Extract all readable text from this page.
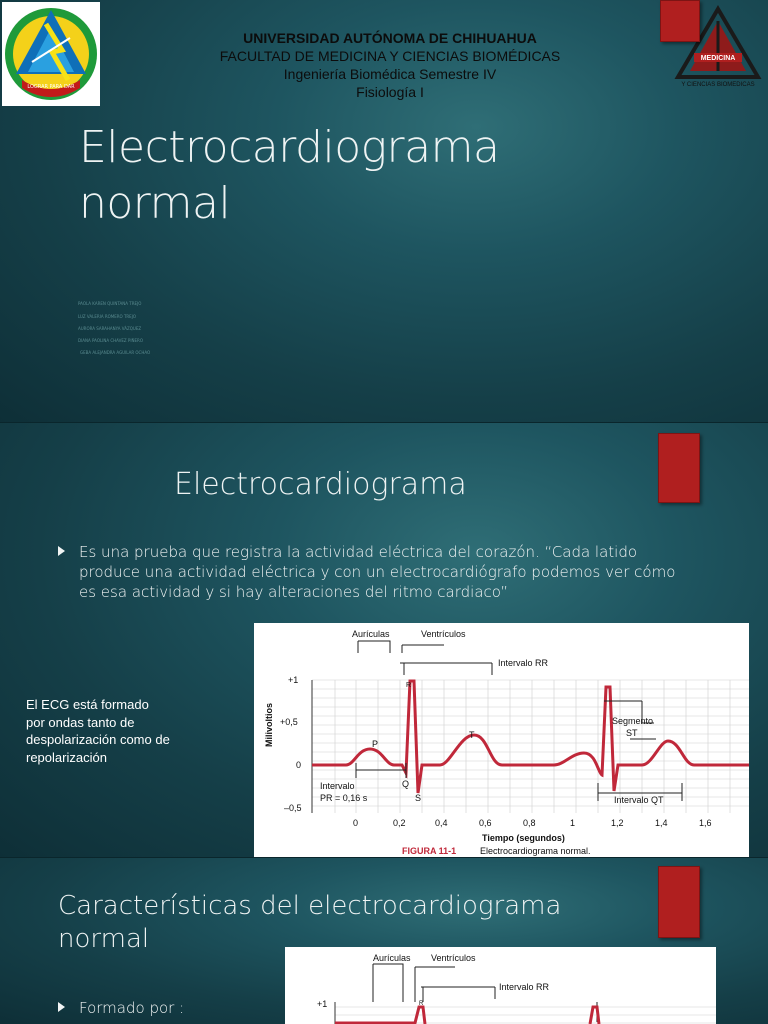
LOGRAR PARA DAR
MEDICINA
Y CIENCIAS BIOMEDICAS
UNIVERSIDAD AUTÓNOMA DE CHIHUAHUA
FACULTAD DE MEDICINA Y CIENCIAS BIOMÉDICAS
Ingeniería Biomédica Semestre IV
Fisiología I
Electrocardiograma normal
PAOLA KAREN QUINTANA TREJO
LUZ VALERIA ROMERO TREJO
AURORA SARAHANYA VÁZQUEZ
DIANA PAOLINA CHAVEZ PIÑERO
GEBA ALEJANDRA AGUILAR OCHAO
Electrocardiograma
Es una prueba que registra la actividad eléctrica del corazón. “Cada latido produce una actividad eléctrica y con un electrocardiógrafo podemos ver cómo es esa actividad y si hay alteraciones del ritmo cardiaco”
El ECG está formado por ondas tanto de despolarización como de repolarización
Aurículas	Ventrículos
Intervalo RR
Segmento
ST
P
R
Q
S
T
Intervalo
PR = 0,16 s	Intervalo QT
+1
+0,5
0
–0,5
0	0,2	0,4	0,6	0,8	1	1,2	1,4	1,6
Tiempo (segundos)
Milivoltios
FIGURA 11-1	Electrocardiograma normal.
Características del electrocardiograma normal
Formado por :
Aurículas Ventrículos
Intervalo RR
R
+1
